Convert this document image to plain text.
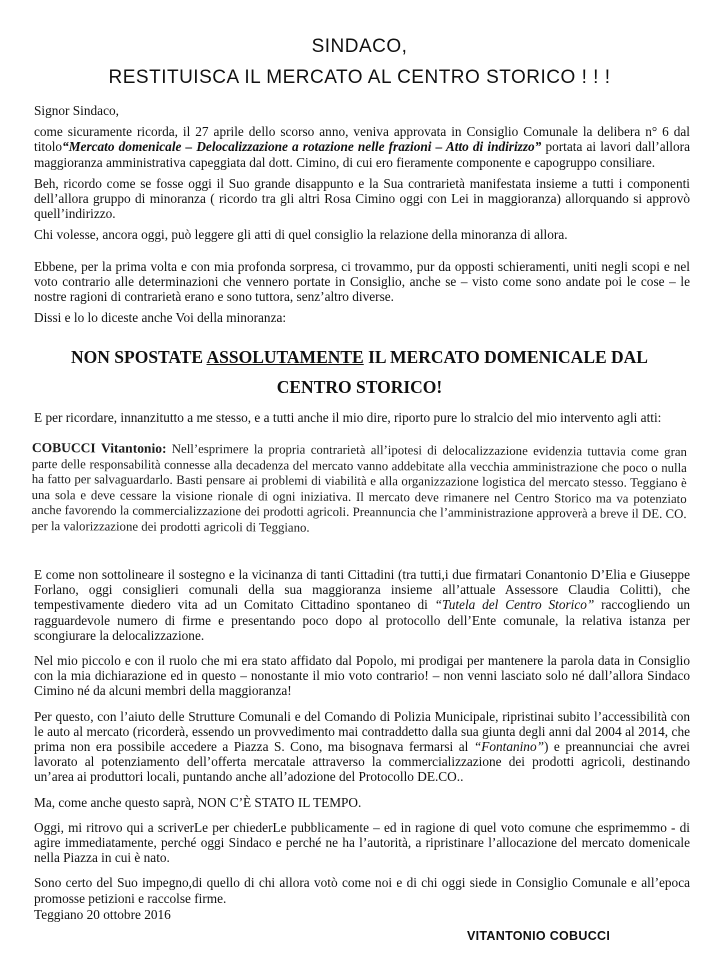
SINDACO,
RESTITUISCA IL MERCATO AL CENTRO STORICO ! ! !

Signor Sindaco,

come sicuramente ricorda, il 27 aprile dello scorso anno, veniva approvata in Consiglio Comunale la delibera n° 6 dal titolo“Mercato domenicale – Delocalizzazione a rotazione nelle frazioni – Atto di indirizzo” portata ai lavori dall’allora maggioranza amministrativa capeggiata dal dott. Cimino, di cui ero fieramente componente e capogruppo consiliare.

Beh, ricordo come se fosse oggi il Suo grande disappunto e la Sua contrarietà manifestata insieme a tutti i componenti dell’allora gruppo di minoranza ( ricordo tra gli altri Rosa Cimino oggi con Lei in maggioranza) allorquando si approvò quell’indirizzo.

Chi volesse, ancora oggi, può leggere gli atti di quel consiglio la relazione della minoranza di allora.

Ebbene, per la prima volta e con mia profonda sorpresa, ci trovammo, pur da opposti schieramenti, uniti negli scopi e nel voto contrario alle determinazioni che vennero portate in Consiglio, anche se – visto come sono andate poi le cose – le nostre ragioni di contrarietà erano e sono tuttora, senz’altro diverse.

Dissi e lo lo diceste anche Voi della minoranza:

NON SPOSTATE ASSOLUTAMENTE IL MERCATO DOMENICALE DAL
CENTRO STORICO!
E per ricordare, innanzitutto a me stesso, e a tutti anche il mio dire, riporto pure lo stralcio del mio intervento agli atti:
COBUCCI Vitantonio: Nell’esprimere la propria contrarietà all’ipotesi di delocalizzazione evidenzia tuttavia come gran parte delle responsabilità connesse alla decadenza del mercato vanno addebitate alla vecchia amministrazione che poco o nulla ha fatto per salvaguardarlo. Basti pensare ai problemi di viabilità e alla organizzazione logistica del mercato stesso. Teggiano è una sola e deve cessare la visione rionale di ogni iniziativa. Il mercato deve rimanere nel Centro Storico ma va potenziato anche favorendo la commercializzazione dei prodotti agricoli. Preannuncia che l’amministrazione approverà a breve il DE. CO. per la valorizzazione dei prodotti agricoli di Teggiano.

E come non sottolineare il sostegno e la vicinanza di tanti Cittadini (tra tutti,i due firmatari Conantonio D’Elia e Giuseppe Forlano, oggi consiglieri comunali della sua maggioranza insieme all’attuale Assessore Claudia Colitti), che tempestivamente diedero vita ad un Comitato Cittadino spontaneo di “Tutela del Centro Storico” raccogliendo un ragguardevole numero di firme e presentando poco dopo al protocollo dell’Ente comunale, la relativa istanza per scongiurare la delocalizzazione.

Nel mio piccolo e con il ruolo che mi era stato affidato dal Popolo, mi prodigai per mantenere la parola data in Consiglio con la mia dichiarazione ed in questo – nonostante il mio voto contrario! – non venni lasciato solo né dall’allora Sindaco Cimino né da alcuni membri della maggioranza!

Per questo, con l’aiuto delle Strutture Comunali e del Comando di Polizia Municipale, ripristinai subito l’accessibilità con le auto al mercato (ricorderà, essendo un provvedimento mai contraddetto dalla sua giunta degli anni dal 2004 al 2014, che prima non era possibile accedere a Piazza S. Cono, ma bisognava fermarsi al “Fontanino”) e preannunciai che avrei lavorato al potenziamento dell’offerta mercatale attraverso la commercializzazione dei prodotti agricoli, destinando un’area ai produttori locali, puntando anche all’adozione del Protocollo DE.CO..

Ma, come anche questo saprà, NON C’È STATO IL TEMPO.

Oggi, mi ritrovo qui a scriverLe per chiederLe pubblicamente – ed in ragione di quel voto comune che esprimemmo - di agire immediatamente, perché oggi Sindaco e perché ne ha l’autorità, a ripristinare l’allocazione del mercato domenicale nella Piazza in cui è nato.

Sono certo del Suo impegno,di quello di chi allora votò come noi e di chi oggi siede in Consiglio Comunale e all’epoca promosse petizioni e raccolse firme.

Teggiano 20 ottobre 2016
VITANTONIO COBUCCI
